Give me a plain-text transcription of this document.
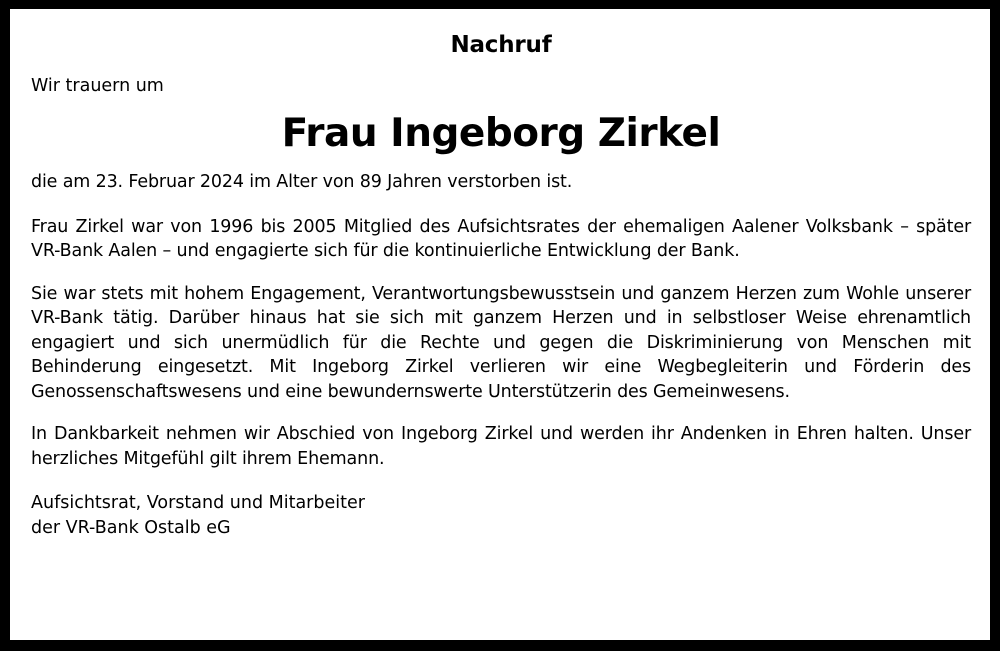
Nachruf
Wir trauern um
Frau Ingeborg Zirkel

die am 23. Februar 2024 im Alter von 89 Jahren verstorben ist.

Frau Zirkel war von 1996 bis 2005 Mitglied des Aufsichtsrates der ehemaligen Aalener Volksbank – später VR-Bank Aalen – und engagierte sich für die kontinuierliche Entwicklung der Bank.

Sie war stets mit hohem Engagement, Verantwortungsbewusstsein und ganzem Herzen zum Wohle unserer VR-Bank tätig. Darüber hinaus hat sie sich mit ganzem Herzen und in selbstloser Weise ehrenamtlich engagiert und sich unermüdlich für die Rechte und gegen die Diskriminierung von Menschen mit Behinderung eingesetzt. Mit Ingeborg Zirkel verlieren wir eine Wegbegleiterin und Förderin des Genossenschaftswesens und eine bewundernswerte Unterstützerin des Gemeinwesens.

In Dankbarkeit nehmen wir Abschied von Ingeborg Zirkel und werden ihr Andenken in Ehren halten. Unser herzliches Mitgefühl gilt ihrem Ehemann.

Aufsichtsrat, Vorstand und Mitarbeiter
der VR-Bank Ostalb eG
